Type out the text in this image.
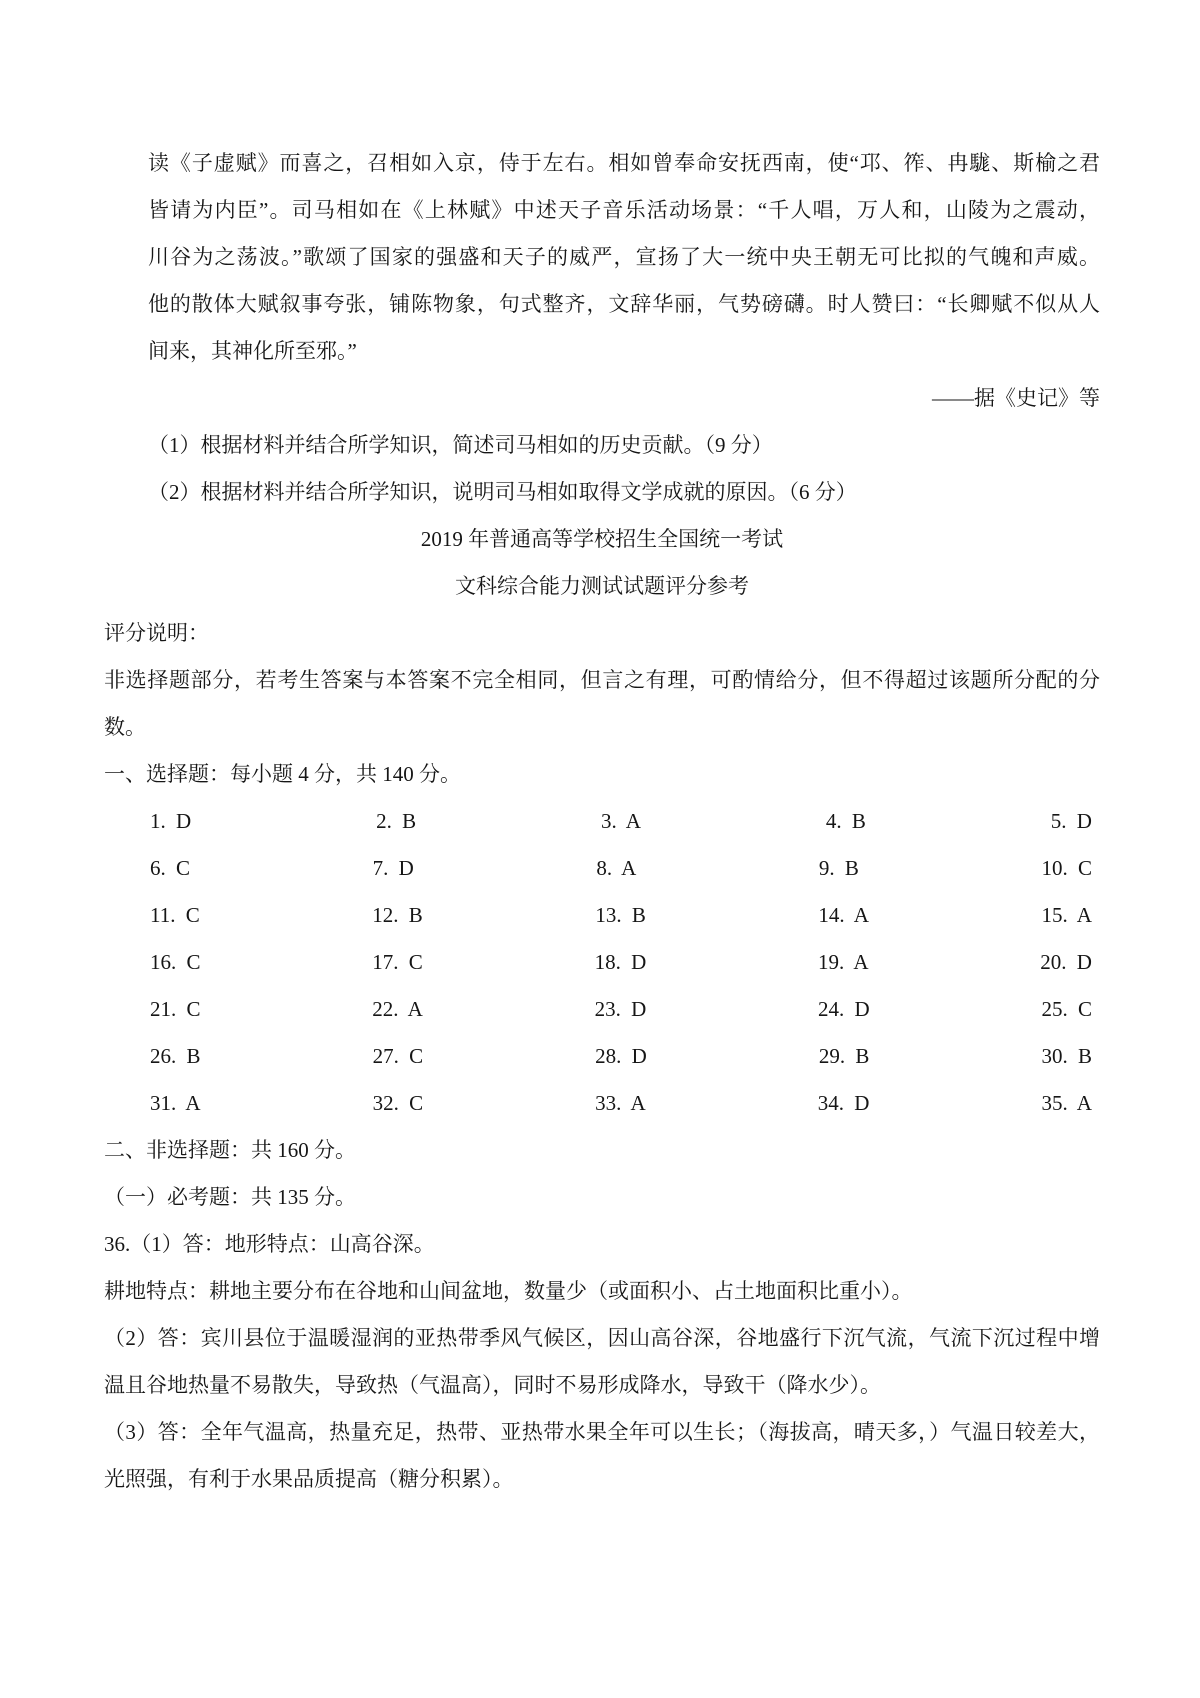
读《子虚赋》而喜之，召相如入京，侍于左右。相如曾奉命安抚西南，使“邛、筰、冉駹、斯榆之君
皆请为内臣”。司马相如在《上林赋》中述天子音乐活动场景：“千人唱，万人和，山陵为之震动，
川谷为之荡波。”歌颂了国家的强盛和天子的威严，宣扬了大一统中央王朝无可比拟的气魄和声威。
他的散体大赋叙事夸张，铺陈物象，句式整齐，文辞华丽，气势磅礴。时人赞曰：“长卿赋不似从人
间来，其神化所至邪。”
——据《史记》等
（1）根据材料并结合所学知识，简述司马相如的历史贡献。（9 分）
（2）根据材料并结合所学知识，说明司马相如取得文学成就的原因。（6 分）
2019 年普通高等学校招生全国统一考试
文科综合能力测试试题评分参考
评分说明：
非选择题部分，若考生答案与本答案不完全相同，但言之有理，可酌情给分，但不得超过该题所分配的分
数。
一、选择题：每小题 4 分，共 140 分。
1. D	2. B	3. A	4. B	5. D
6. C	7. D	8. A	9. B	10. C
11. C	12. B	13. B	14. A	15. A
16. C	17. C	18. D	19. A	20. D
21. C	22. A	23. D	24. D	25. C
26. B	27. C	28. D	29. B	30. B
31. A	32. C	33. A	34. D	35. A
二、非选择题：共 160 分。
（一）必考题：共 135 分。
36.（1）答：地形特点：山高谷深。
耕地特点：耕地主要分布在谷地和山间盆地，数量少（或面积小、占土地面积比重小）。
（2）答：宾川县位于温暖湿润的亚热带季风气候区，因山高谷深，谷地盛行下沉气流，气流下沉过程中增
温且谷地热量不易散失，导致热（气温高），同时不易形成降水，导致干（降水少）。
（3）答：全年气温高，热量充足，热带、亚热带水果全年可以生长；（海拔高，晴天多，）气温日较差大，
光照强，有利于水果品质提高（糖分积累）。
